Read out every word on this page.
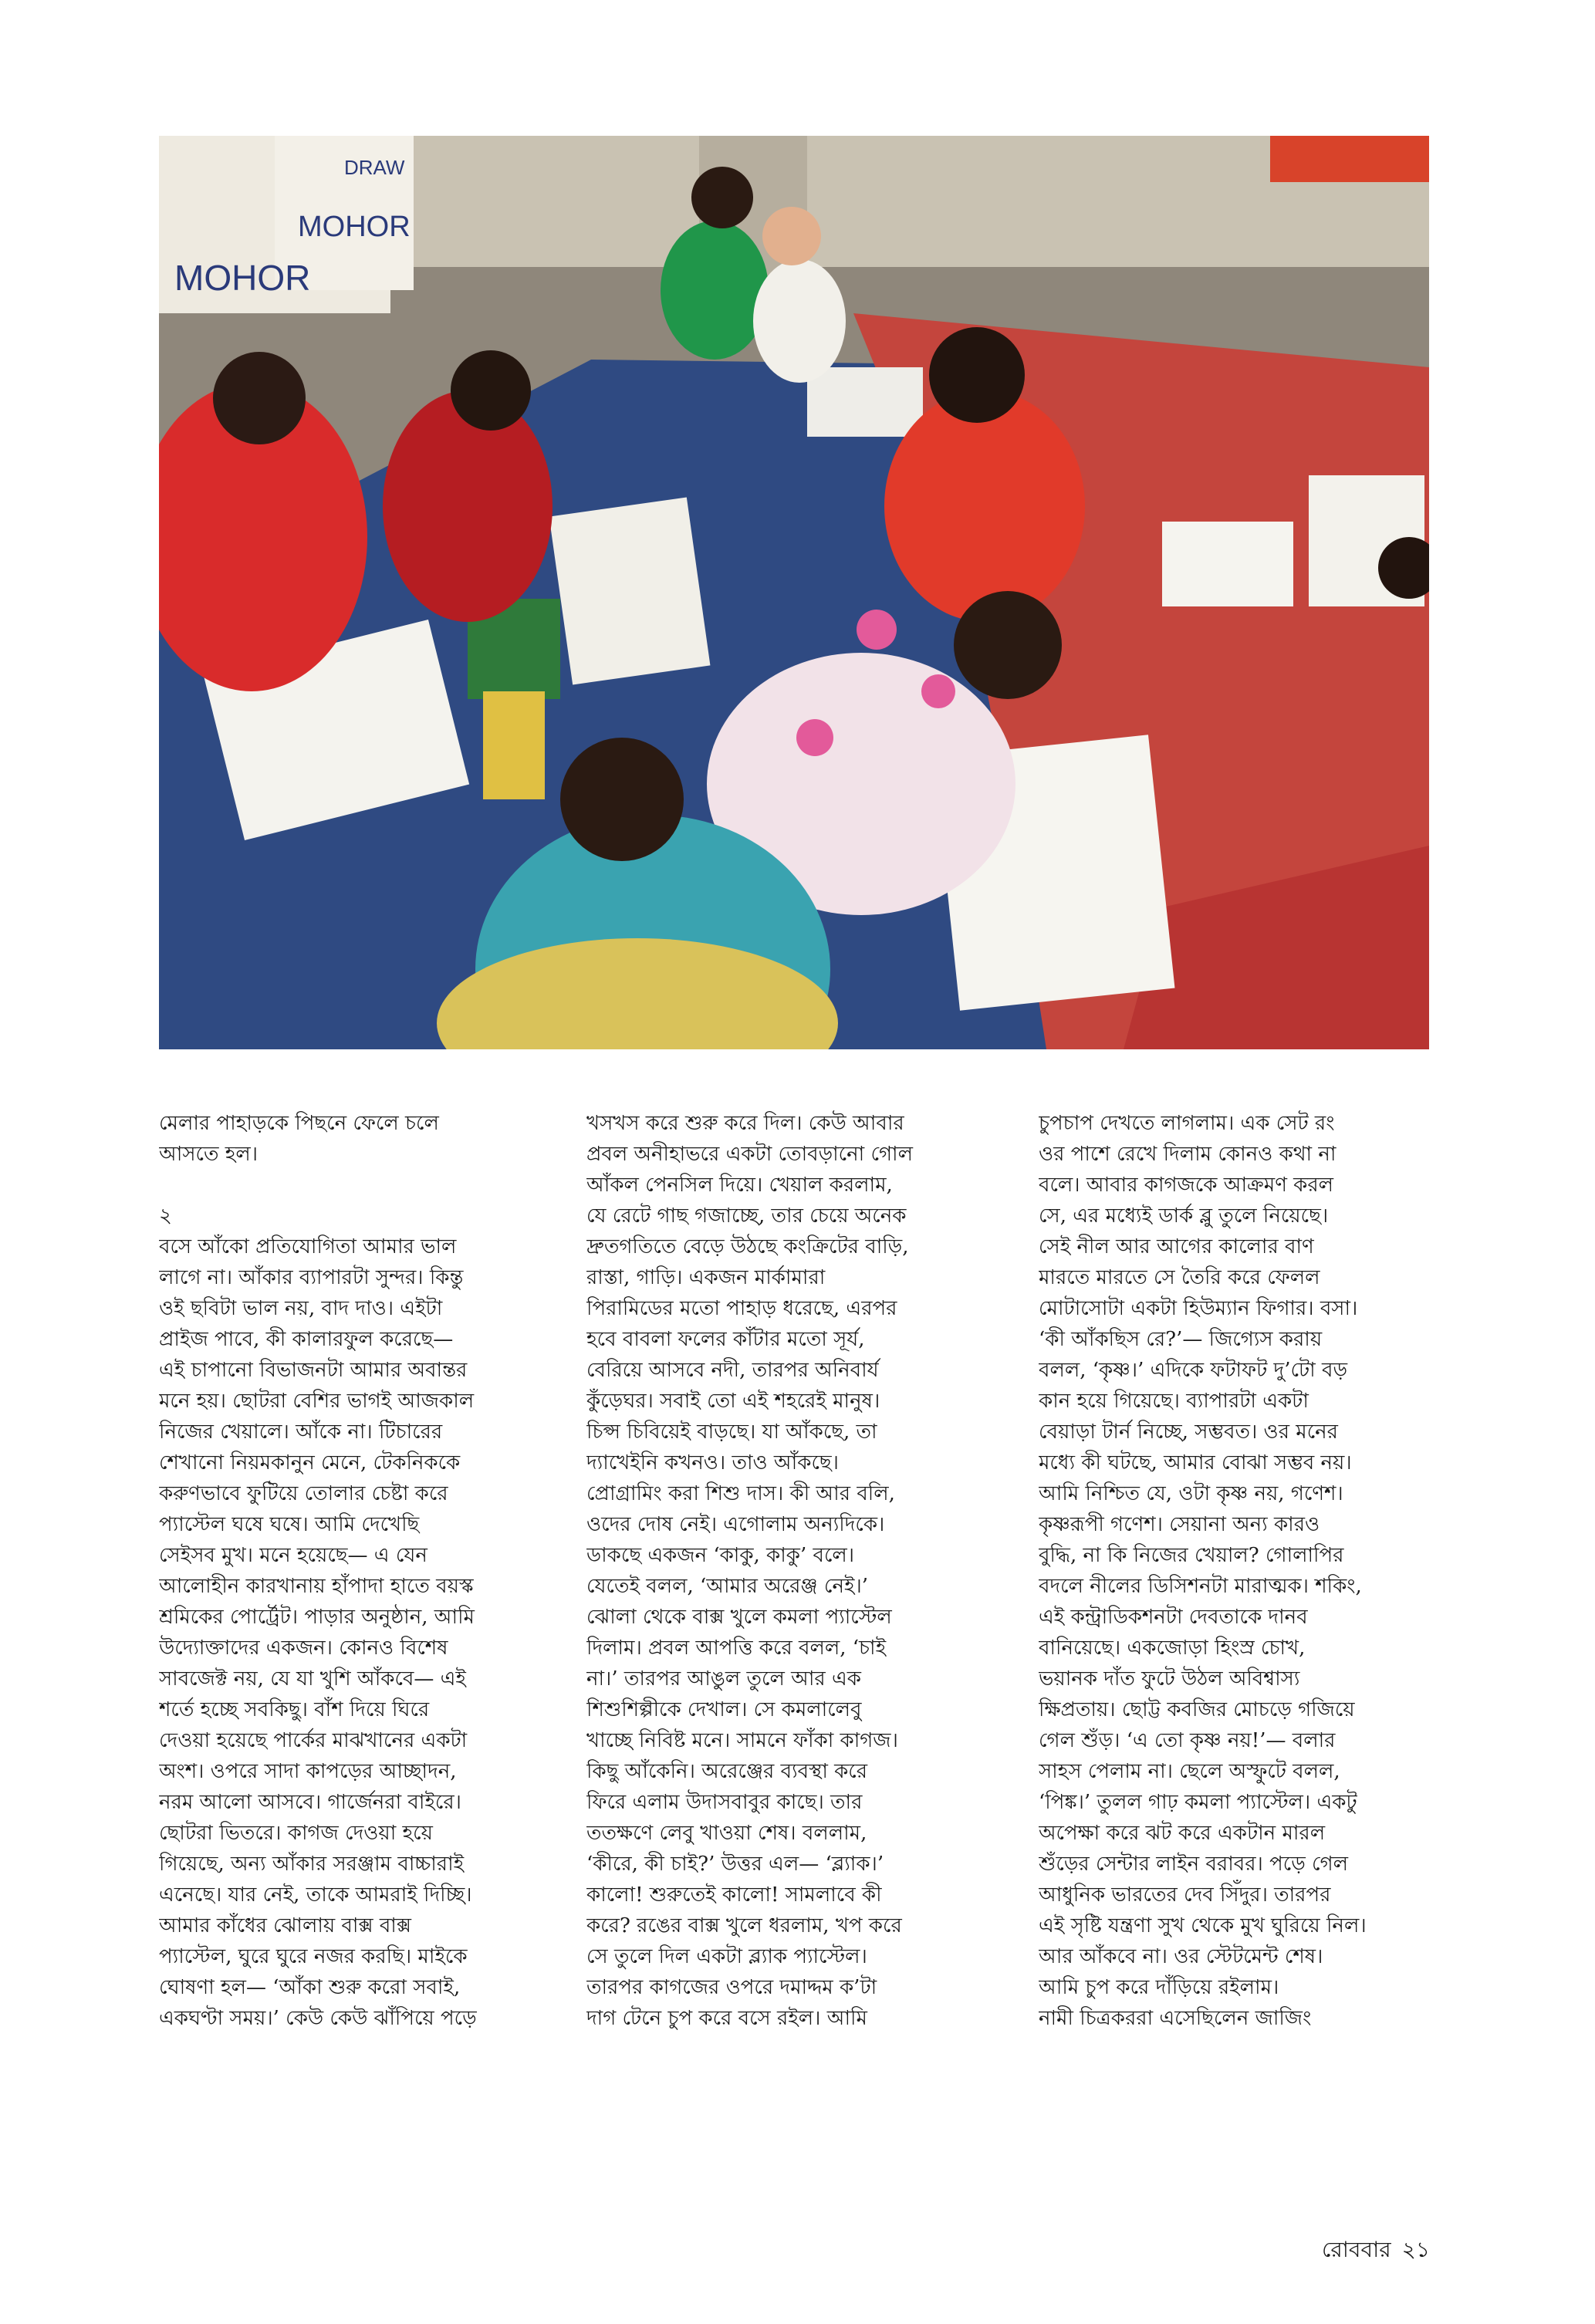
MOHOR
MOHOR
DRAW

মেলার পাহাড়কে পিছনে ফেলে চলে
আসতে হল।

২

বসে আঁকো প্রতিযোগিতা আমার ভাল
লাগে না। আঁকার ব্যাপারটা সুন্দর। কিন্তু
ওই ছবিটা ভাল নয়, বাদ দাও। এইটা
প্রাইজ পাবে, কী কালারফুল করেছে—
এই চাপানো বিভাজনটা আমার অবান্তর
মনে হয়। ছোটরা বেশির ভাগই আজকাল
নিজের খেয়ালে। আঁকে না। টিচারের
শেখানো নিয়মকানুন মেনে, টেকনিককে
করুণভাবে ফুটিয়ে তোলার চেষ্টা করে
প্যাস্টেল ঘষে ঘষে। আমি দেখেছি
সেইসব মুখ। মনে হয়েছে— এ যেন
আলোহীন কারখানায় হাঁপাদা হাতে বয়স্ক
শ্রমিকের পোর্ট্রেট। পাড়ার অনুষ্ঠান, আমি
উদ্যোক্তাদের একজন। কোনও বিশেষ
সাবজেক্ট নয়, যে যা খুশি আঁকবে— এই
শর্তে হচ্ছে সবকিছু। বাঁশ দিয়ে ঘিরে
দেওয়া হয়েছে পার্কের মাঝখানের একটা
অংশ। ওপরে সাদা কাপড়ের আচ্ছাদন,
নরম আলো আসবে। গার্জেনরা বাইরে।
ছোটরা ভিতরে। কাগজ দেওয়া হয়ে
গিয়েছে, অন্য আঁকার সরঞ্জাম বাচ্চারাই
এনেছে। যার নেই, তাকে আমরাই দিচ্ছি।
আমার কাঁধের ঝোলায় বাক্স বাক্স
প্যাস্টেল, ঘুরে ঘুরে নজর করছি। মাইকে
ঘোষণা হল— ‘আঁকা শুরু করো সবাই,
একঘণ্টা সময়।’ কেউ কেউ ঝাঁপিয়ে পড়ে

খসখস করে শুরু করে দিল। কেউ আবার
প্রবল অনীহাভরে একটা তোবড়ানো গোল
আঁকল পেনসিল দিয়ে। খেয়াল করলাম,
যে রেটে গাছ গজাচ্ছে, তার চেয়ে অনেক
দ্রুতগতিতে বেড়ে উঠছে কংক্রিটের বাড়ি,
রাস্তা, গাড়ি। একজন মার্কামারা
পিরামিডের মতো পাহাড় ধরেছে, এরপর
হবে বাবলা ফলের কাঁটার মতো সূর্য,
বেরিয়ে আসবে নদী, তারপর অনিবার্য
কুঁড়েঘর। সবাই তো এই শহরেই মানুষ।
চিপ্স চিবিয়েই বাড়ছে। যা আঁকছে, তা
দ্যাখেইনি কখনও। তাও আঁকছে।
প্রোগ্রামিং করা শিশু দাস। কী আর বলি,
ওদের দোষ নেই। এগোলাম অন্যদিকে।
ডাকছে একজন ‘কাকু, কাকু’ বলে।
যেতেই বলল, ‘আমার অরেঞ্জ নেই।’
ঝোলা থেকে বাক্স খুলে কমলা প্যাস্টেল
দিলাম। প্রবল আপত্তি করে বলল, ‘চাই
না।’ তারপর আঙুল তুলে আর এক
শিশুশিল্পীকে দেখাল। সে কমলালেবু
খাচ্ছে নিবিষ্ট মনে। সামনে ফাঁকা কাগজ।
কিছু আঁকেনি। অরেঞ্জের ব্যবস্থা করে
ফিরে এলাম উদাসবাবুর কাছে। তার
ততক্ষণে লেবু খাওয়া শেষ। বললাম,
‘কীরে, কী চাই?’ উত্তর এল— ‘ব্ল্যাক।’
কালো! শুরুতেই কালো! সামলাবে কী
করে? রঙের বাক্স খুলে ধরলাম, খপ করে
সে তুলে দিল একটা ব্ল্যাক প্যাস্টেল।
তারপর কাগজের ওপরে দমাদ্দম ক’টা
দাগ টেনে চুপ করে বসে রইল। আমি

চুপচাপ দেখতে লাগলাম। এক সেট রং
ওর পাশে রেখে দিলাম কোনও কথা না
বলে। আবার কাগজকে আক্রমণ করল
সে, এর মধ্যেই ডার্ক ব্লু তুলে নিয়েছে।
সেই নীল আর আগের কালোর বাণ
মারতে মারতে সে তৈরি করে ফেলল
মোটাসোটা একটা হিউম্যান ফিগার। বসা।
‘কী আঁকছিস রে?’— জিগ্যেস করায়
বলল, ‘কৃষ্ণ।’ এদিকে ফটাফট দু’টো বড়
কান হয়ে গিয়েছে। ব্যাপারটা একটা
বেয়াড়া টার্ন নিচ্ছে, সম্ভবত। ওর মনের
মধ্যে কী ঘটছে, আমার বোঝা সম্ভব নয়।
আমি নিশ্চিত যে, ওটা কৃষ্ণ নয়, গণেশ।
কৃষ্ণরূপী গণেশ। সেয়ানা অন্য কারও
বুদ্ধি, না কি নিজের খেয়াল? গোলাপির
বদলে নীলের ডিসিশনটা মারাত্মক। শকিং,
এই কন্ট্রাডিকশনটা দেবতাকে দানব
বানিয়েছে। একজোড়া হিংস্র চোখ,
ভয়ানক দাঁত ফুটে উঠল অবিশ্বাস্য
ক্ষিপ্রতায়। ছোট্ট কবজির মোচড়ে গজিয়ে
গেল শুঁড়। ‘এ তো কৃষ্ণ নয়!’— বলার
সাহস পেলাম না। ছেলে অস্ফুটে বলল,
‘পিঙ্ক।’ তুলল গাঢ় কমলা প্যাস্টেল। একটু
অপেক্ষা করে ঝট করে একটান মারল
শুঁড়ের সেন্টার লাইন বরাবর। পড়ে গেল
আধুনিক ভারতের দেব সিঁদুর। তারপর
এই সৃষ্টি যন্ত্রণা সুখ থেকে মুখ ঘুরিয়ে নিল।
আর আঁকবে না। ওর স্টেটমেন্ট শেষ।
আমি চুপ করে দাঁড়িয়ে রইলাম।
নামী চিত্রকররা এসেছিলেন জাজিং

রোববার ২১
